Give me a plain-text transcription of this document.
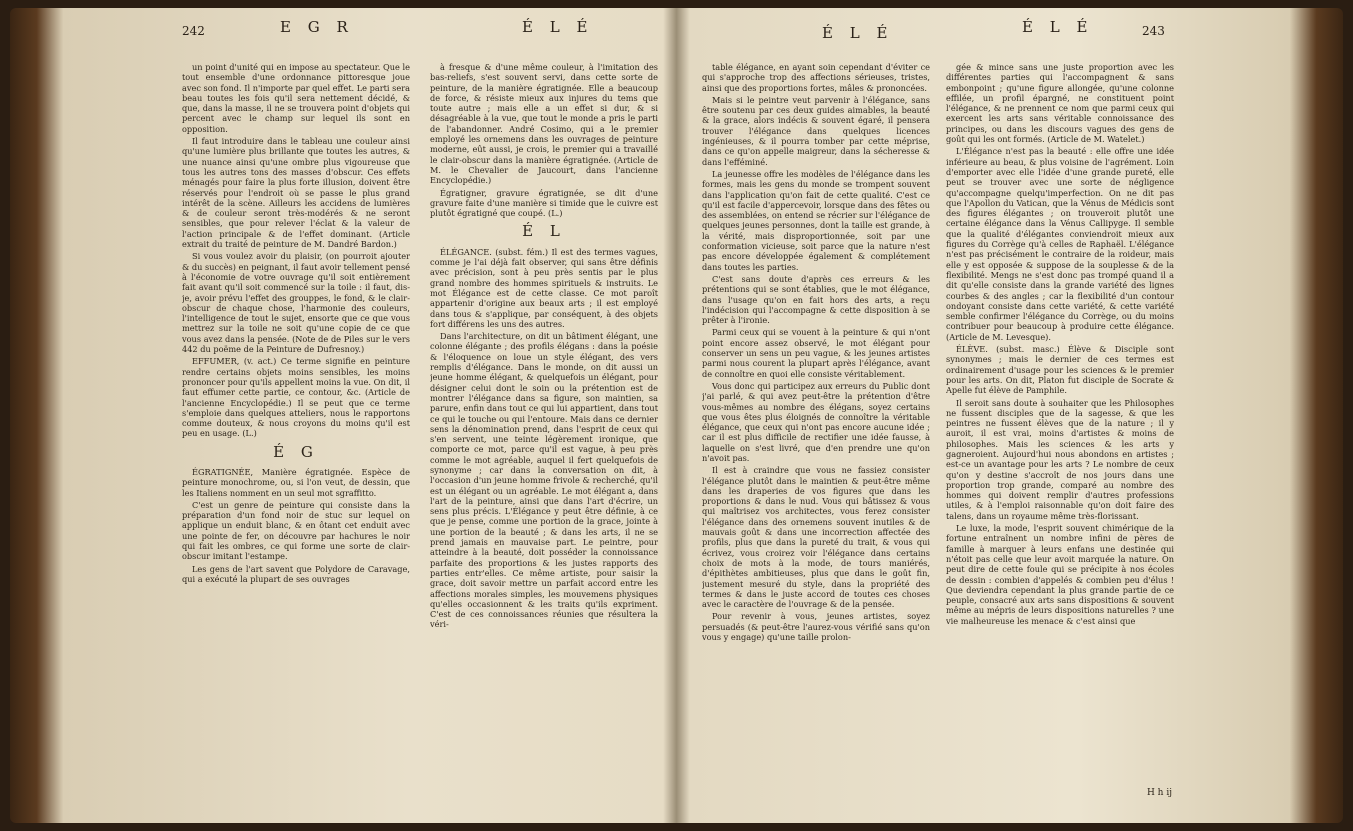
242	E G R	É L É

un point d'unité qui en impose au spectateur. Que le tout ensemble d'une ordonnance pittoresque joue avec son fond. Il n'importe par quel effet. Le parti sera beau toutes les fois qu'il sera nettement décidé, & que, dans la masse, il ne se trouvera point d'objets qui percent avec le champ sur lequel ils sont en opposition.

Il faut introduire dans le tableau une couleur ainsi qu'une lumière plus brillante que toutes les autres, & une nuance ainsi qu'une ombre plus vigoureuse que tous les autres tons des masses d'obscur. Ces effets ménagés pour faire la plus forte illusion, doivent être réservés pour l'endroit où se passe le plus grand intérêt de la scène. Ailleurs les accidens de lumières & de couleur seront très-modérés & ne seront sensibles, que pour relever l'éclat & la valeur de l'action principale & de l'effet dominant. (Article extrait du traité de peinture de M. Dandré Bardon.)

Si vous voulez avoir du plaisir, (on pourroit ajouter & du succès) en peignant, il faut avoir tellement pensé à l'économie de votre ouvrage qu'il soit entièrement fait avant qu'il soit commencé sur la toile : il faut, dis-je, avoir prévu l'effet des grouppes, le fond, & le clair-obscur de chaque chose, l'harmonie des couleurs, l'intelligence de tout le sujet, ensorte que ce que vous mettrez sur la toile ne soit qu'une copie de ce que vous avez dans la pensée. (Note de de Piles sur le vers 442 du poëme de la Peinture de Dufresnoy.)

EFFUMER, (v. act.) Ce terme signifie en peinture rendre certains objets moins sensibles, les moins prononcer pour qu'ils appellent moins la vue. On dit, il faut effumer cette partie, ce contour, &c. (Article de l'ancienne Encyclopédie.) Il se peut que ce terme s'emploie dans quelques atteliers, nous le rapportons comme douteux, & nous croyons du moins qu'il est peu en usage. (L.)

É G

ÉGRATIGNÉE, Manière égratignée. Espèce de peinture monochrome, ou, si l'on veut, de dessin, que les Italiens nomment en un seul mot sgraffitto.

C'est un genre de peinture qui consiste dans la préparation d'un fond noir de stuc sur lequel on applique un enduit blanc, & en ôtant cet enduit avec une pointe de fer, on découvre par hachures le noir qui fait les ombres, ce qui forme une sorte de clair-obscur imitant l'estampe.

Les gens de l'art savent que Polydore de Caravage, qui a exécuté la plupart de ses ouvrages

à fresque & d'une même couleur, à l'imitation des bas-reliefs, s'est souvent servi, dans cette sorte de peinture, de la manière égratignée. Elle a beaucoup de force, & résiste mieux aux injures du tems que toute autre ; mais elle a un effet si dur, & si désagréable à la vue, que tout le monde a pris le parti de l'abandonner. André Cosimo, qui a le premier employé les ornemens dans les ouvrages de peinture moderne, eût aussi, je crois, le premier qui a travaillé le clair-obscur dans la manière égratignée. (Article de M. le Chevalier de Jaucourt, dans l'ancienne Encyclopédie.)

Égratigner, gravure égratignée, se dit d'une gravure faite d'une manière si timide que le cuivre est plutôt égratigné que coupé. (L.)

É L

ÉLÉGANCE. (subst. fém.) Il est des termes vagues, comme je l'ai déjà fait observer, qui sans être définis avec précision, sont à peu près sentis par le plus grand nombre des hommes spirituels & instruits. Le mot Élégance est de cette classe. Ce mot paroît appartenir d'origine aux beaux arts ; il est employé dans tous & s'applique, par conséquent, à des objets fort différens les uns des autres.

Dans l'architecture, on dit un bâtiment élégant, une colonne élégante ; des profils élégans : dans la poésie & l'éloquence on loue un style élégant, des vers remplis d'élégance. Dans le monde, on dit aussi un jeune homme élégant, & quelquefois un élégant, pour désigner celui dont le soin ou la prétention est de montrer l'élégance dans sa figure, son maintien, sa parure, enfin dans tout ce qui lui appartient, dans tout ce qui le touche ou qui l'entoure. Mais dans ce dernier sens la dénomination prend, dans l'esprit de ceux qui s'en servent, une teinte légèrement ironique, que comporte ce mot, parce qu'il est vague, à peu près comme le mot agréable, auquel il fert quelquefois de synonyme ; car dans la conversation on dit, à l'occasion d'un jeune homme frivole & recherché, qu'il est un élégant ou un agréable. Le mot élégant a, dans l'art de la peinture, ainsi que dans l'art d'écrire, un sens plus précis. L'Élégance y peut être définie, à ce que je pense, comme une portion de la grace, jointe à une portion de la beauté ; & dans les arts, il ne se prend jamais en mauvaise part. Le peintre, pour atteindre à la beauté, doit posséder la connoissance parfaite des proportions & les justes rapports des parties entr'elles. Ce même artiste, pour saisir la grace, doit savoir mettre un parfait accord entre les affections morales simples, les mouvemens physiques qu'elles occasionnent & les traits qu'ils expriment. C'est de ces connoissances réunies que résultera la véri-

É L É	É L É	243

table élégance, en ayant soin cependant d'éviter ce qui s'approche trop des affections sérieuses, tristes, ainsi que des proportions fortes, mâles & prononcées.

Mais si le peintre veut parvenir à l'élégance, sans être soutenu par ces deux guides aimables, la beauté & la grace, alors indécis & souvent égaré, il pensera trouver l'élégance dans quelques licences ingénieuses, & il pourra tomber par cette méprise, dans ce qu'on appelle maigreur, dans la sécheresse & dans l'efféminé.

La jeunesse offre les modèles de l'élégance dans les formes, mais les gens du monde se trompent souvent dans l'application qu'on fait de cette qualité. C'est ce qu'il est facile d'appercevoir, lorsque dans des fêtes ou des assemblées, on entend se récrier sur l'élégance de quelques jeunes personnes, dont la taille est grande, à la vérité, mais disproportionnée, soit par une conformation vicieuse, soit parce que la nature n'est pas encore développée également & complétement dans toutes les parties.

C'est sans doute d'après ces erreurs & les prétentions qui se sont établies, que le mot élégance, dans l'usage qu'on en fait hors des arts, a reçu l'indécision qui l'accompagne & cette disposition à se prêter à l'ironie.

Parmi ceux qui se vouent à la peinture & qui n'ont point encore assez observé, le mot élégant pour conserver un sens un peu vague, & les jeunes artistes parmi nous courent la plupart après l'élégance, avant de connoître en quoi elle consiste véritablement.

Vous donc qui participez aux erreurs du Public dont j'ai parlé, & qui avez peut-être la prétention d'être vous-mêmes au nombre des élégans, soyez certains que vous êtes plus éloignés de connoître la véritable élégance, que ceux qui n'ont pas encore aucune idée ; car il est plus difficile de rectifier une idée fausse, à laquelle on s'est livré, que d'en prendre une qu'on n'avoit pas.

Il est à craindre que vous ne fassiez consister l'élégance plutôt dans le maintien & peut-être même dans les draperies de vos figures que dans les proportions & dans le nud. Vous qui bâtissez & vous qui maîtrisez vos architectes, vous ferez consister l'élégance dans des ornemens souvent inutiles & de mauvais goût & dans une incorrection affectée des profils, plus que dans la pureté du trait, & vous qui écrivez, vous croirez voir l'élégance dans certains choix de mots à la mode, de tours maniérés, d'épithètes ambitieuses, plus que dans le goût fin, justement mesuré du style, dans la propriété des termes & dans le juste accord de toutes ces choses avec le caractère de l'ouvrage & de la pensée.

Pour revenir à vous, jeunes artistes, soyez persuadés (& peut-être l'aurez-vous vérifié sans qu'on vous y engage) qu'une taille prolon-

gée & mince sans une juste proportion avec les différentes parties qui l'accompagnent & sans embonpoint ; qu'une figure allongée, qu'une colonne effilée, un profil épargné, ne constituent point l'élégance, & ne prennent ce nom que parmi ceux qui exercent les arts sans véritable connoissance des principes, ou dans les discours vagues des gens de goût qui les ont formés. (Article de M. Watelet.)

L'Élégance n'est pas la beauté : elle offre une idée inférieure au beau, & plus voisine de l'agrément. Loin d'emporter avec elle l'idée d'une grande pureté, elle peut se trouver avec une sorte de négligence qu'accompagne quelqu'imperfection. On ne dit pas que l'Apollon du Vatican, que la Vénus de Médicis sont des figures élégantes ; on trouveroit plutôt une certaine élégance dans la Vénus Callipyge. Il semble que la qualité d'élégantes conviendroit mieux aux figures du Corrège qu'à celles de Raphaël. L'élégance n'est pas précisément le contraire de la roideur, mais elle y est opposée & suppose de la souplesse & de la flexibilité. Mengs ne s'est donc pas trompé quand il a dit qu'elle consiste dans la grande variété des lignes courbes & des angles ; car la flexibilité d'un contour ondoyant consiste dans cette variété, & cette variété semble confirmer l'élégance du Corrège, ou du moins contribuer pour beaucoup à produire cette élégance. (Article de M. Levesque).

ÉLÈVE. (subst. masc.) Élève & Disciple sont synonymes ; mais le dernier de ces termes est ordinairement d'usage pour les sciences & le premier pour les arts. On dit, Platon fut disciple de Socrate & Apelle fut élève de Pamphile.

Il seroit sans doute à souhaiter que les Philosophes ne fussent disciples que de la sagesse, & que les peintres ne fussent élèves que de la nature ; il y auroit, il est vrai, moins d'artistes & moins de philosophes. Mais les sciences & les arts y gagneroient. Aujourd'hui nous abondons en artistes ; est-ce un avantage pour les arts ? Le nombre de ceux qu'on y destine s'accroît de nos jours dans une proportion trop grande, comparé au nombre des hommes qui doivent remplir d'autres professions utiles, & à l'emploi raisonnable qu'on doit faire des talens, dans un royaume même très-florissant.

Le luxe, la mode, l'esprit souvent chimérique de la fortune entraînent un nombre infini de pères de famille à marquer à leurs enfans une destinée qui n'étoit pas celle que leur avoit marquée la nature. On peut dire de cette foule qui se précipite à nos écoles de dessin : combien d'appelés & combien peu d'élus ! Que deviendra cependant la plus grande partie de ce peuple, consacré aux arts sans dispositions & souvent même au mépris de leurs dispositions naturelles ? une vie malheureuse les menace & c'est ainsi que

H h ij
